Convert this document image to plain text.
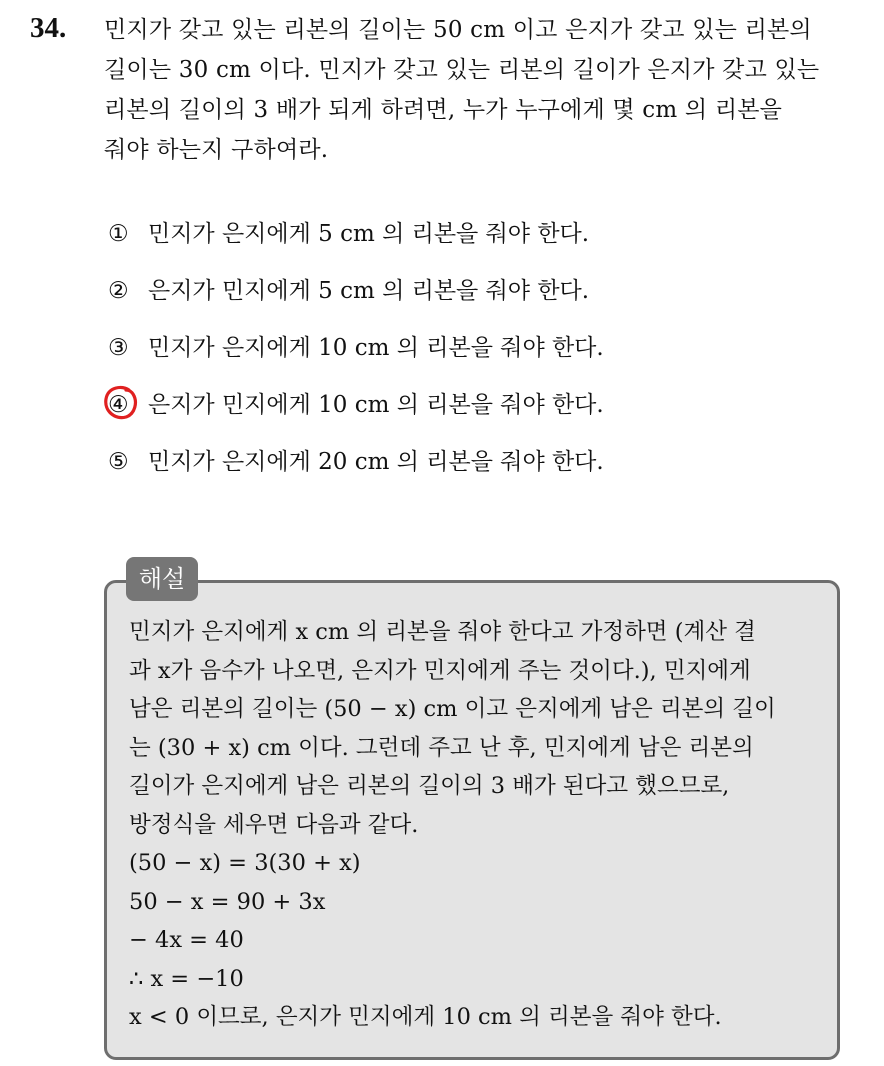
34. 민지가 갖고 있는 리본의 길이는 50 cm 이고 은지가 갖고 있는 리본의
길이는 30 cm 이다. 민지가 갖고 있는 리본의 길이가 은지가 갖고 있는
리본의 길이의 3 배가 되게 하려면, 누가 누구에게 몇 cm 의 리본을
줘야 하는지 구하여라.
① 민지가 은지에게 5 cm 의 리본을 줘야 한다.
② 은지가 민지에게 5 cm 의 리본을 줘야 한다.
③ 민지가 은지에게 10 cm 의 리본을 줘야 한다.
④ 은지가 민지에게 10 cm 의 리본을 줘야 한다.
⑤ 민지가 은지에게 20 cm 의 리본을 줘야 한다.
해설
민지가 은지에게 x cm 의 리본을 줘야 한다고 가정하면 (계산 결
과 x가 음수가 나오면, 은지가 민지에게 주는 것이다.), 민지에게
남은 리본의 길이는 (50 − x) cm 이고 은지에게 남은 리본의 길이
는 (30 + x) cm 이다. 그런데 주고 난 후, 민지에게 남은 리본의
길이가 은지에게 남은 리본의 길이의 3 배가 된다고 했으므로,
방정식을 세우면 다음과 같다.
(50 − x) = 3(30 + x)
50 − x = 90 + 3x
− 4x = 40
∴ x = −10
x < 0 이므로, 은지가 민지에게 10 cm 의 리본을 줘야 한다.
